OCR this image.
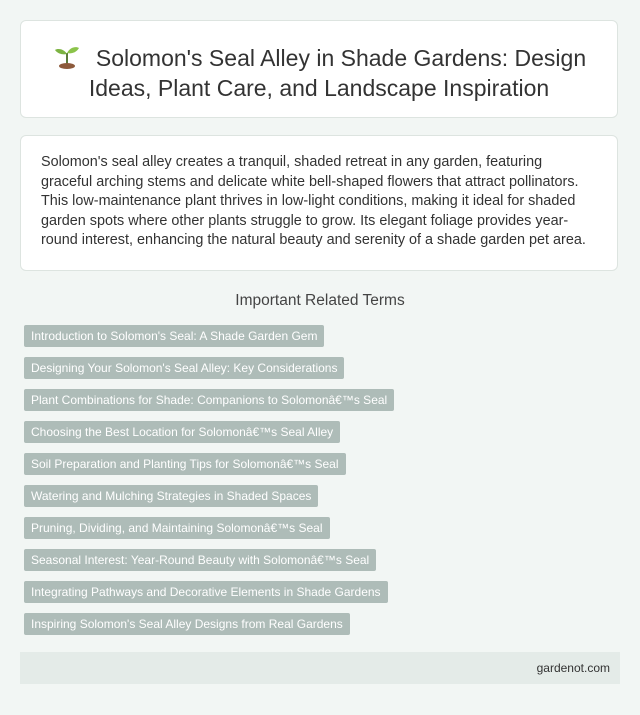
Solomon's Seal Alley in Shade Gardens: Design Ideas, Plant Care, and Landscape Inspiration

Solomon's seal alley creates a tranquil, shaded retreat in any garden, featuring graceful arching stems and delicate white bell-shaped flowers that attract pollinators. This low-maintenance plant thrives in low-light conditions, making it ideal for shaded garden spots where other plants struggle to grow. Its elegant foliage provides year-round interest, enhancing the natural beauty and serenity of a shade garden pet area.

Important Related Terms
Introduction to Solomon's Seal: A Shade Garden Gem
Designing Your Solomon's Seal Alley: Key Considerations
Plant Combinations for Shade: Companions to Solomonâ€™s Seal
Choosing the Best Location for Solomonâ€™s Seal Alley
Soil Preparation and Planting Tips for Solomonâ€™s Seal
Watering and Mulching Strategies in Shaded Spaces
Pruning, Dividing, and Maintaining Solomonâ€™s Seal
Seasonal Interest: Year-Round Beauty with Solomonâ€™s Seal
Integrating Pathways and Decorative Elements in Shade Gardens
Inspiring Solomon's Seal Alley Designs from Real Gardens
gardenot.com
